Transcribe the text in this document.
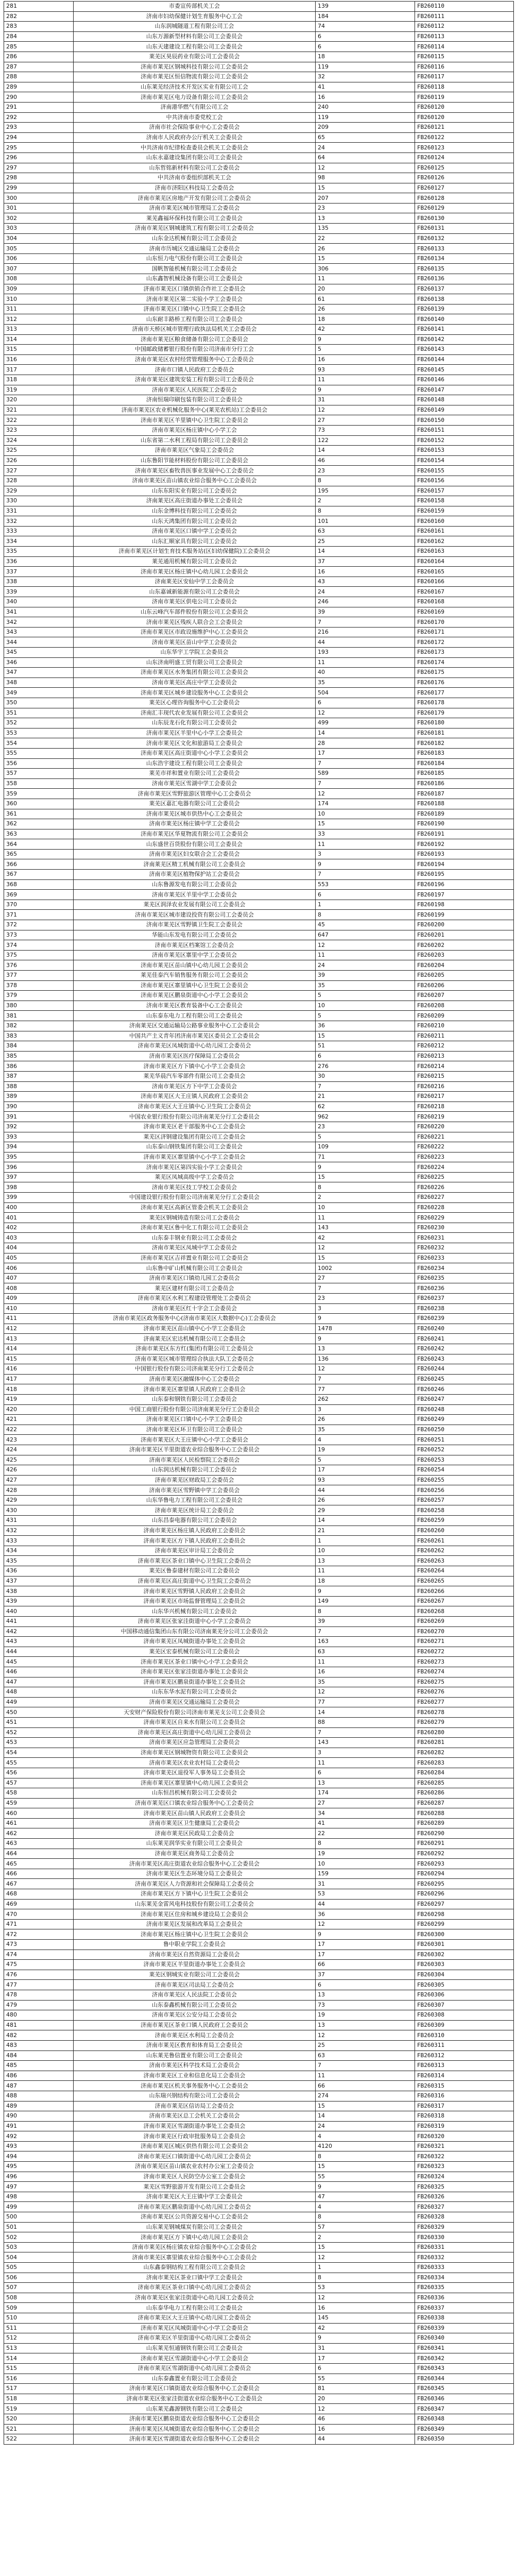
281	市委宣传部机关工会	139	FB260110
282	济南市妇幼保健计划生育服务中心工会	184	FB260111
283	山东润城隧道工程有限公司工会	74	FB260112
284	山东万源新型材料有限公司工会委员会	6	FB260113
285	山东天建建设工程有限公司工会委员会	6	FB260114
286	莱芜区昊辰药业有限公司工会委员会	18	FB260115
287	济南市莱芜区钢城科技有限公司工会委员会	119	FB260116
288	济南市莱芜区恒信物流有限公司工会委员会	32	FB260117
289	山东莱芜经济技术开发区实业有限公司工会	41	FB260118
290	济南市莱芜区电力设备有限公司工会委员会	16	FB260119
291	济南港华燃气有限公司工会	240	FB260120
292	中共济南市委党校工会	119	FB260120
293	济南市社会保险事业中心工会委员会	209	FB260121
294	济南市人民政府办公厅机关工会委员会	65	FB260122
295	中共济南市纪律检查委员会机关工会委员会	24	FB260123
296	山东永嘉建设集团有限公司工会委员会	64	FB260124
297	山东哲铭新材料有限公司工会委员会	12	FB260125
298	中共济南市委组织部机关工会	98	FB260126
299	济南市济阳区科技局工会委员会	15	FB260127
300	济南市莱芜区房地产开发有限公司工会委员会	207	FB260128
301	济南市莱芜区城市管理局工会委员会	23	FB260129
302	莱芜鑫福环保科技有限公司工会委员会	13	FB260130
303	济南市莱芜区钢城建筑工程有限公司工会委员会	135	FB260131
304	山东金达机械有限公司工会委员会	22	FB260132
305	济南市历城区交通运输局工会委员会	26	FB260133
306	山东恒力电气股份有限公司工会委员会	15	FB260134
307	国帆智能机械有限公司工会委员会	306	FB260135
308	山东鑫智机械设备有限公司工会委员会	11	FB260136
309	济南市莱芜区口镇供销合作社工会委员会	20	FB260137
310	济南市莱芜区第二实验小学工会委员会	61	FB260138
311	济南市莱芜区口镇中心卫生院工会委员会	26	FB260139
312	山东耐丰路桥工程有限公司工会委员会	18	FB260140
313	济南市天桥区城市管理行政执法局机关工会委员会	42	FB260141
314	济南市莱芜区粮食储备有限公司工会委员会	9	FB260142
315	中国邮政储蓄银行股份有限公司济南市分行工会	5	FB260143
316	济南市莱芜区农村经营管理服务中心工会委员会	16	FB260144
317	济南市口镇人民政府工会委员会	93	FB260145
318	济南市莱芜区建筑安装工程有限公司工会委员会	11	FB260146
319	济南市莱芜区人民医院工会委员会	9	FB260147
320	济南恒瑞印刷包装有限公司工会委员会	31	FB260148
321	济南市莱芜区农业机械化服务中心(莱芜农机站)工会委员会	12	FB260149
322	济南市莱芜区羊里镇中心卫生院工会委员会	27	FB260150
323	济南市莱芜区杨庄镇中心小学工会	73	FB260151
324	山东省第二水利工程局有限公司工会委员会	122	FB260152
325	济南市莱芜区气象局工会委员会	14	FB260153
326	山东鲁阳节能材料股份有限公司工会委员会	46	FB260154
327	济南市莱芜区畜牧兽医事业发展中心工会委员会	23	FB260155
328	济南市莱芜区苗山镇农业综合服务中心工会委员会	8	FB260156
329	山东东阳实业有限公司工会委员会	195	FB260157
330	济南莱芜区高庄街道办事处工会委员会	2	FB260158
331	山东金博科技有限公司工会委员会	8	FB260159
332	山东天鸿集团有限公司工会委员会	101	FB260160
333	济南市莱芜区口镇中学工会委员会	63	FB260161
334	山东汇顺家具有限公司工会委员会	25	FB260162
335	济南市莱芜区计划生育技术服务站(区妇幼保健院)工会委员会	14	FB260163
336	莱芜通用机械有限公司工会委员会	37	FB260164
337	济南市莱芜区杨庄镇中心幼儿园工会委员会	16	FB260165
338	济南莱芜区安仙中学工会委员会	43	FB260166
339	山东嘉诚新能源有限公司工会委员会	24	FB260167
340	济南市莱芜区供电公司工会委员会	246	FB260168
341	山东云峰汽车部件股份有限公司工会委员会	39	FB260169
342	济南市莱芜区残疾人联合会工会委员会	7	FB260170
343	济南市莱芜区市政设施维护中心工会委员会	216	FB260171
344	济南市莱芜区苗山中学工会委员会	44	FB260172
345	山东华宇工学院工会委员会	193	FB260173
346	山东济南明盛工贸有限公司工会委员会	11	FB260174
347	济南市莱芜区水务集团有限公司工会委员会	40	FB260175
348	济南市莱芜区高庄中学工会委员会	35	FB260176
349	济南市莱芜区城乡建设服务中心工会委员会	504	FB260177
350	莱芜区心理咨询服务中心工会委员会	6	FB260178
351	济南汇丰现代农业发展有限公司工会委员会	12	FB260179
352	山东辰龙石化有限公司工会委员会	499	FB260180
353	济南市莱芜区羊里中心小学工会委员会	14	FB260181
354	济南市莱芜区文化和旅游局工会委员会	28	FB260182
355	济南市莱芜区高庄街道中心小学工会委员会	17	FB260183
356	山东浩宇建设工程有限公司工会委员会	7	FB260184
357	莱芜市祥和置业有限公司工会委员会	589	FB260185
358	济南市莱芜区雪湖中学工会委员会	7	FB260186
359	济南市莱芜区雪野旅游区管理中心工会委员会	12	FB260187
360	莱芜区嘉汇电器有限公司工会委员会	174	FB260188
361	济南市莱芜区城市供热中心工会委员会	10	FB260189
362	济南市莱芜区杨庄镇中学工会委员会	15	FB260190
363	济南市莱芜区华夏物流有限公司工会委员会	33	FB260191
364	山东盛世百货股份有限公司工会委员会	11	FB260192
365	济南市莱芜区妇女联合会工会委员会	3	FB260193
366	济南莱芜区精工机械有限公司工会委员会	9	FB260194
367	济南市莱芜区植物保护站工会委员会	7	FB260195
368	山东鲁源发电有限公司工会委员会	553	FB260196
369	济南市莱芜区羊里中学工会委员会	6	FB260197
370	莱芜区润泽农业发展有限公司工会委员会	1	FB260198
371	济南市莱芜区城市建设投资有限公司工会委员会	8	FB260199
372	济南市莱芜区雪野镇卫生院工会委员会	45	FB260200
373	华能山东发电有限公司工会委员会	647	FB260201
374	济南市莱芜区档案馆工会委员会	12	FB260202
375	济南市莱芜区寨里中学工会委员会	11	FB260203
376	济南市莱芜区苗山镇中心幼儿园工会委员会	24	FB260204
377	莱芜佳泰汽车销售服务有限公司工会委员会	39	FB260205
378	济南市莱芜区寨里镇中心卫生院工会委员会	35	FB260206
379	济南市莱芜区鹏泉街道中心小学工会委员会	5	FB260207
380	济南市莱芜区教育装备中心工会委员会	10	FB260208
381	山东泰东电力工程有限公司工会委员会	5	FB260209
382	济南莱芜区交通运输局公路事业服务中心工会委员会	36	FB260210
383	中国共产主义青年团济南市莱芜区委员会工会委员会	15	FB260211
384	济南市莱芜区凤城街道中心幼儿园工会委员会	51	FB260212
385	济南市莱芜区医疗保障局工会委员会	6	FB260213
386	济南市莱芜区方下镇中心小学工会委员会	276	FB260214
387	莱芜华晨汽车零部件有限公司工会委员会	30	FB260215
388	济南市莱芜区方下中学工会委员会	7	FB260216
389	济南市莱芜区大王庄镇人民政府工会委员会	21	FB260217
390	济南市莱芜区大王庄镇中心卫生院工会委员会	62	FB260218
391	中国农业银行股份有限公司济南莱芜分行工会委员会	962	FB260219
392	济南市莱芜区老干部服务中心工会委员会	23	FB260220
393	莱芜区济钢建设集团有限公司工会委员会	5	FB260221
394	山东泰山钢铁集团有限公司工会委员会	109	FB260222
395	济南市莱芜区寨里镇中心小学工会委员会	71	FB260223
396	济南市莱芜区第四实验小学工会委员会	9	FB260224
397	莱芜区凤城高级中学工会委员会	15	FB260225
398	济南市莱芜区技工学校工会委员会	8	FB260226
399	中国建设银行股份有限公司济南莱芜分行工会委员会	2	FB260227
400	济南市莱芜区高新区管委会机关工会委员会	10	FB260228
401	莱芜区钢城铸造有限公司工会委员会	11	FB260229
402	济南市莱芜区鲁中化工有限公司工会委员会	143	FB260230
403	山东泰丰钢业有限公司工会委员会	42	FB260231
404	济南市莱芜区凤城中学工会委员会	12	FB260232
405	济南市莱芜区吉祥置业有限公司工会委员会	15	FB260233
406	山东鲁中矿山机械有限公司工会委员会	1002	FB260234
407	济南市莱芜区口镇幼儿园工会委员会	27	FB260235
408	莱芜区建材有限公司工会委员会	7	FB260236
409	济南市莱芜区水利工程建设管理处工会委员会	23	FB260237
410	济南市莱芜区红十字会工会委员会	3	FB260238
411	济南市莱芜区政务服务中心(济南市莱芜区大数据中心)工会委员会	9	FB260239
412	济南市莱芜区苗山镇中心小学工会委员会	1478	FB260240
413	济南莱芜区宏达机械有限公司工会委员会	9	FB260241
414	济南市莱芜区东方红(集团)有限公司工会委员会	13	FB260242
415	济南市莱芜区城市管理综合执法大队工会委员会	136	FB260243
416	中国银行股份有限公司济南莱芜分行工会委员会	12	FB260244
417	济南市莱芜区融媒体中心工会委员会	7	FB260245
418	济南市莱芜区寨里镇人民政府工会委员会	77	FB260246
419	山东泰和钢铁有限公司工会委员会	262	FB260247
420	中国工商银行股份有限公司济南莱芜分行工会委员会	3	FB260248
421	济南市莱芜区口镇中心小学工会委员会	26	FB260249
422	济南市莱芜区环卫有限公司工会委员会	35	FB260250
423	济南市莱芜区大王庄镇中心小学工会委员会	4	FB260251
424	济南市莱芜区羊里街道农业综合服务中心工会委员会	19	FB260252
425	济南市莱芜区人民检察院工会委员会	5	FB260253
426	山东润达机械有限公司工会委员会	17	FB260254
427	济南市莱芜区财政局工会委员会	93	FB260255
428	济南市莱芜区雪野镇中学工会委员会	44	FB260256
429	山东华鲁电力工程有限公司工会委员会	26	FB260257
430	济南市莱芜区统计局工会委员会	29	FB260258
431	山东昌泰电器有限公司工会委员会	14	FB260259
432	济南市莱芜区杨庄镇人民政府工会委员会	21	FB260260
433	济南市莱芜区方下镇人民政府工会委员会	1	FB260261
434	济南市莱芜区审计局工会委员会	10	FB260262
435	济南市莱芜区茶业口镇中心卫生院工会委员会	13	FB260263
436	莱芜区鲁泰建材有限公司工会委员会	11	FB260264
437	济南市莱芜区高庄街道中心卫生院工会委员会	18	FB260265
438	济南市莱芜区雪野镇人民政府工会委员会	9	FB260266
439	济南市莱芜区市场监督管理局工会委员会	149	FB260267
440	山东华兴机械有限公司工会委员会	8	FB260268
441	济南市莱芜区张家洼街道中心小学工会委员会	39	FB260269
442	中国移动通信集团山东有限公司济南莱芜分公司工会委员会	7	FB260270
443	济南市莱芜区凤城街道办事处工会委员会	163	FB260271
444	莱芜区宏泰机械有限公司工会委员会	63	FB260272
445	济南市莱芜区茶业口镇中心小学工会委员会	11	FB260273
446	济南市莱芜区张家洼街道办事处工会委员会	16	FB260274
447	济南市莱芜区鹏泉街道办事处工会委员会	35	FB260275
448	山东东华水泥有限公司工会委员会	12	FB260276
449	济南市莱芜区交通运输局工会委员会	77	FB260277
450	天安财产保险股份有限公司济南市莱芜支公司工会委员会	14	FB260278
451	济南市莱芜区自来水有限公司工会委员会	88	FB260279
452	济南市莱芜区高庄街道中心幼儿园工会委员会	7	FB260280
453	济南市莱芜区应急管理局工会委员会	143	FB260281
454	济南市莱芜区钢城物资有限公司工会委员会	3	FB260282
455	济南市莱芜区农业农村局工会委员会	11	FB260283
456	济南市莱芜区退役军人事务局工会委员会	6	FB260284
457	济南市莱芜区寨里镇中心幼儿园工会委员会	13	FB260285
458	山东恒昌机械有限公司工会委员会	174	FB260286
459	济南市莱芜区口镇农业综合服务中心工会委员会	27	FB260287
460	济南市莱芜区苗山镇人民政府工会委员会	34	FB260288
461	济南市莱芜区卫生健康局工会委员会	41	FB260289
462	济南市莱芜区民政局工会委员会	22	FB260290
463	山东莱芜润华实业有限公司工会委员会	8	FB260291
464	济南市莱芜区商务局工会委员会	19	FB260292
465	济南市莱芜区高庄街道农业综合服务中心工会委员会	10	FB260293
466	济南市莱芜区生态环境分局工会委员会	159	FB260294
467	济南市莱芜区人力资源和社会保障局工会委员会	31	FB260295
468	济南市莱芜区方下镇中心卫生院工会委员会	53	FB260296
469	山东莱芜金雷风电科技股份有限公司工会委员会	44	FB260297
470	济南市莱芜区住房和城乡建设局工会委员会	36	FB260298
471	济南市莱芜区发展和改革局工会委员会	12	FB260299
472	济南市莱芜区杨庄镇中心卫生院工会委员会	9	FB260300
473	鲁中职业学院工会委员会	17	FB260301
474	济南市莱芜区自然资源局工会委员会	17	FB260302
475	济南市莱芜区羊里街道办事处工会委员会	66	FB260303
476	莱芜区钢城实业有限公司工会委员会	37	FB260304
477	济南市莱芜区司法局工会委员会	6	FB260305
478	济南市莱芜区人民法院工会委员会	13	FB260306
479	山东泰鑫机械有限公司工会委员会	73	FB260307
480	济南市莱芜区公安分局工会委员会	19	FB260308
481	济南市莱芜区茶业口镇人民政府工会委员会	13	FB260309
482	济南市莱芜区水利局工会委员会	12	FB260310
483	济南市莱芜区教育和体育局工会委员会	25	FB260311
484	山东莱芜鲁信置业有限公司工会委员会	63	FB260312
485	济南市莱芜区科学技术局工会委员会	7	FB260313
486	济南市莱芜区工业和信息化局工会委员会	11	FB260314
487	济南市莱芜区机关事务服务中心工会委员会	66	FB260315
488	山东瑞兴钢结构有限公司工会委员会	274	FB260316
489	济南市莱芜区信访局工会委员会	15	FB260317
490	济南市莱芜区总工会机关工会委员会	14	FB260318
491	济南市莱芜区雪湖街道办事处工会委员会	24	FB260319
492	济南市莱芜区行政审批服务局工会委员会	4	FB260320
493	济南市莱芜区城区供热有限公司工会委员会	4120	FB260321
494	济南市莱芜区口镇街道中心幼儿园工会委员会	8	FB260322
495	济南市莱芜区苗山镇农业农村办公室工会委员会	15	FB260323
496	济南市莱芜区人民防空办公室工会委员会	55	FB260324
497	莱芜区雪野旅游开发有限公司工会委员会	9	FB260325
498	济南市莱芜区大王庄镇中学工会委员会	47	FB260326
499	济南市莱芜区鹏泉街道中心幼儿园工会委员会	4	FB260327
500	济南市莱芜区公共资源交易中心工会委员会	8	FB260328
501	山东莱芜钢城煤炭有限公司工会委员会	57	FB260329
502	济南市莱芜区方下镇中心幼儿园工会委员会	2	FB260330
503	济南市莱芜区杨庄镇农业综合服务中心工会委员会	15	FB260331
504	济南市莱芜区寨里镇农业综合服务中心工会委员会	12	FB260332
505	山东鑫泰钢结构工程有限公司工会委员会	1	FB260333
506	济南市莱芜区茶业口镇中学工会委员会	8	FB260334
507	济南市莱芜区茶业口镇中心幼儿园工会委员会	53	FB260335
508	济南市莱芜区张家洼街道中心幼儿园工会委员会	12	FB260336
509	山东泰华电力工程有限公司工会委员会	16	FB260337
510	济南市莱芜区大王庄镇中心幼儿园工会委员会	145	FB260338
511	济南市莱芜区凤城街道中心小学工会委员会	42	FB260339
512	济南市莱芜区羊里街道中心幼儿园工会委员会	9	FB260340
513	山东莱芜恒通钢铁有限公司工会委员会	31	FB260341
514	济南市莱芜区雪湖街道中心小学工会委员会	17	FB260342
515	济南市莱芜区雪湖街道中心幼儿园工会委员会	6	FB260343
516	山东泰鑫置业有限公司工会委员会	55	FB260344
517	济南市莱芜区口镇街道农业综合服务中心工会委员会	81	FB260345
518	济南市莱芜区张家洼街道农业综合服务中心工会委员会	20	FB260346
519	山东莱芜鑫源钢铁有限公司工会委员会	12	FB260347
520	济南市莱芜区鹏泉街道农业综合服务中心工会委员会	46	FB260348
521	济南市莱芜区凤城街道农业综合服务中心工会委员会	16	FB260349
522	济南市莱芜区雪湖街道农业综合服务中心工会委员会	44	FB260350
